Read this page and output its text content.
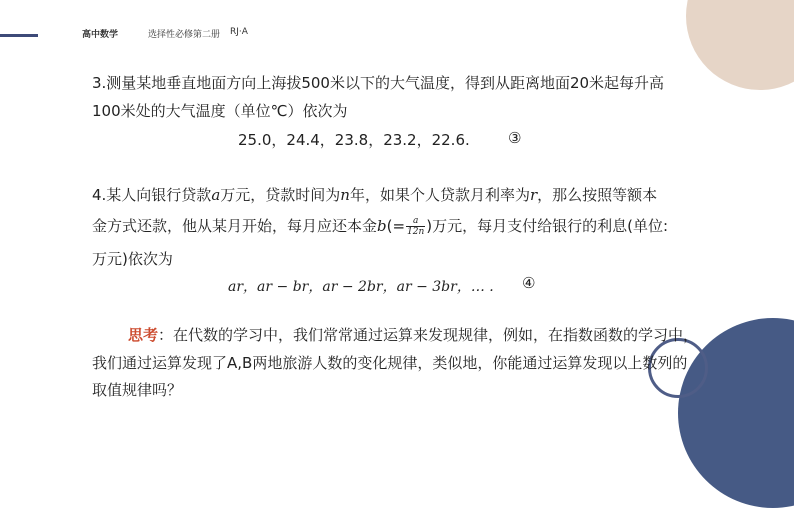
高中数学	选择性必修第二册 RJ·A
3.测量某地垂直地面方向上海拔500米以下的大气温度，得到从距离地面20米起每升高
100米处的大气温度（单位℃）依次为
25.0，24.4，23.8，23.2，22.6.	③
4.某人向银行贷款a万元，贷款时间为n年，如果个人贷款月利率为r，那么按照等额本
金方式还款，他从某月开始，每月应还本金$b(= \frac{a}{12n}$ )万元，每月支付给银行的利息(单位:
万元)依次为
ar，ar − br，ar − 2br，ar − 3br，… . ④
思考：在代数的学习中，我们常常通过运算来发现规律，例如，在指数函数的学习中，
我们通过运算发现了A,B两地旅游人数的变化规律，类似地，你能通过运算发现以上数列的
取值规律吗？
